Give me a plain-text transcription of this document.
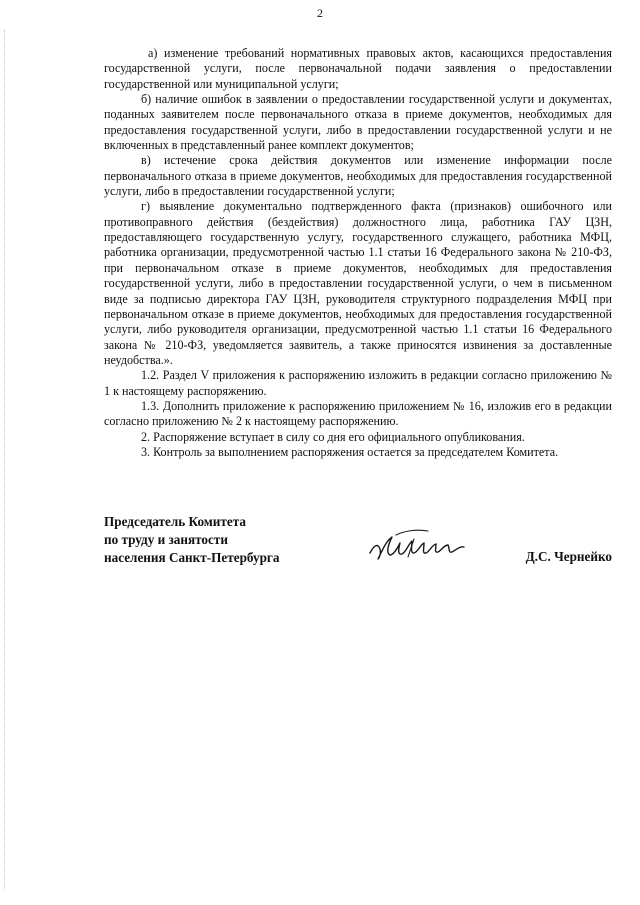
2

а) изменение требований нормативных правовых актов, касающихся предоставления государственной услуги, после первоначальной подачи заявления о предоставлении государственной или муниципальной услуги;

б) наличие ошибок в заявлении о предоставлении государственной услуги и документах, поданных заявителем после первоначального отказа в приеме документов, необходимых для предоставления государственной услуги, либо в предоставлении государственной услуги и не включенных в представленный ранее комплект документов;

в) истечение срока действия документов или изменение информации после первоначального отказа в приеме документов, необходимых для предоставления государственной услуги, либо в предоставлении государственной услуги;

г) выявление документально подтвержденного факта (признаков) ошибочного или противоправного действия (бездействия) должностного лица, работника ГАУ ЦЗН, предоставляющего государственную услугу, государственного служащего, работника МФЦ, работника организации, предусмотренной частью 1.1 статьи 16 Федерального закона № 210-ФЗ, при первоначальном отказе в приеме документов, необходимых для предоставления государственной услуги, либо в предоставлении государственной услуги, о чем в письменном виде за подписью директора ГАУ ЦЗН, руководителя структурного подразделения МФЦ при первоначальном отказе в приеме документов, необходимых для предоставления государственной услуги, либо руководителя организации, предусмотренной частью 1.1 статьи 16 Федерального закона № 210-ФЗ, уведомляется заявитель, а также приносятся извинения за доставленные неудобства.».

1.2. Раздел V приложения к распоряжению изложить в редакции согласно приложению № 1 к настоящему распоряжению.

1.3. Дополнить приложение к распоряжению приложением № 16, изложив его в редакции согласно приложению № 2 к настоящему распоряжению.

2. Распоряжение вступает в силу со дня его официального опубликования.

3. Контроль за выполнением распоряжения остается за председателем Комитета.

Председатель Комитета
по труду и занятости
населения Санкт-Петербурга	Д.С. Чернейко
